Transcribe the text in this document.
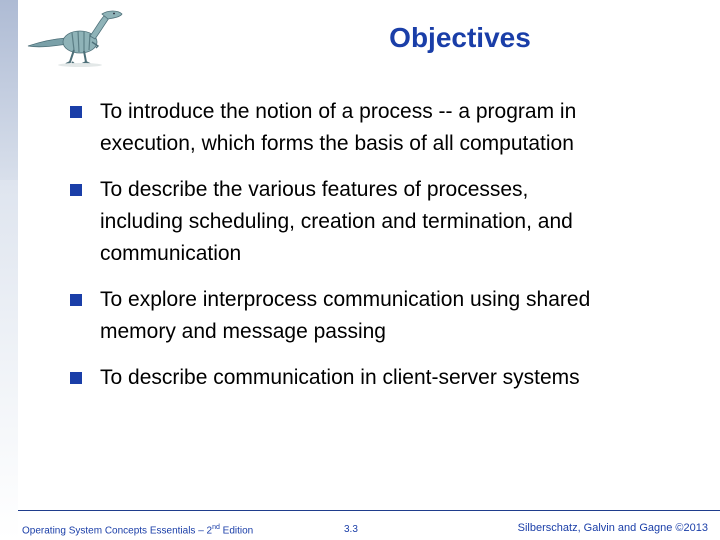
Objectives
To introduce the notion of a process -- a program in execution, which forms the basis of all computation
To describe the various features of processes, including scheduling, creation and termination, and communication
To explore interprocess communication using shared memory and message passing
To describe communication in client-server systems
Operating System Concepts Essentials – 2nd Edition	3.3	Silberschatz, Galvin and Gagne ©2013
